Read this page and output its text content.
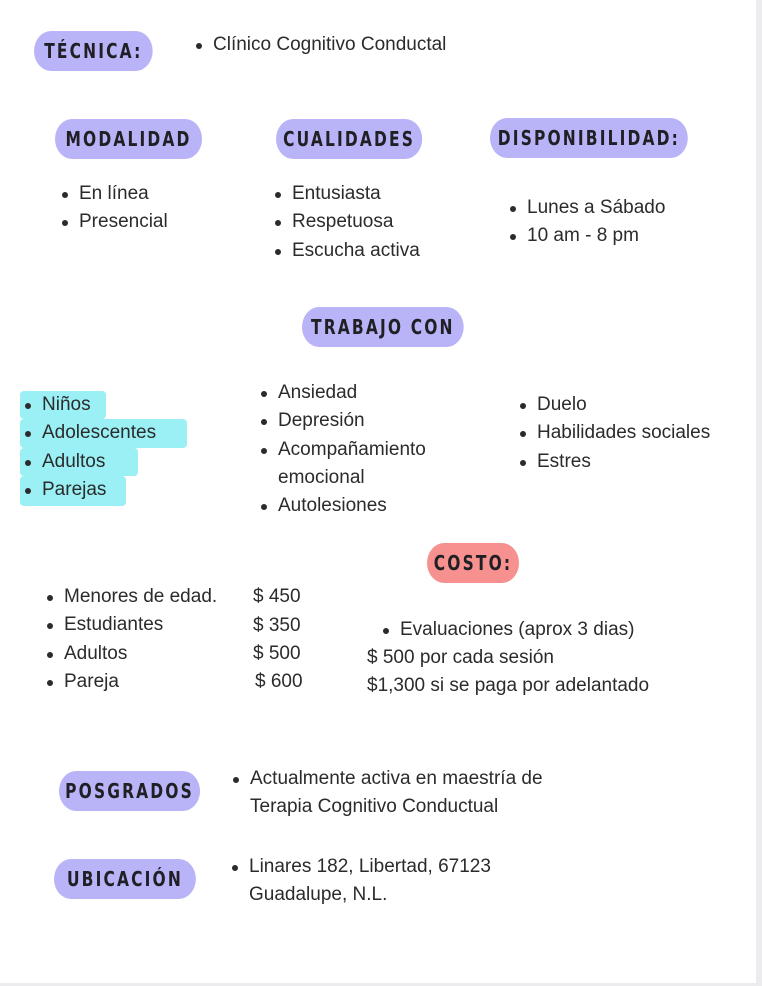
TÉCNICA:	Clínico Cognitivo Conductal
MODALIDAD
En línea
Presencial
CUALIDADES
Entusiasta
Respetuosa
Escucha activa
DISPONIBILIDAD:
Lunes a Sábado
10 am - 8 pm
TRABAJO CON
Niños
Adolescentes
Adultos
Parejas
Ansiedad
Depresión
Acompañamiento
emocional
Autolesiones
Duelo
Habilidades sociales
Estres
COSTO:
Menores de edad.
Estudiantes
Adultos
Pareja
$ 450
$ 350
$ 500
$ 600
Evaluaciones (aprox 3 dias)
$ 500 por cada sesión
$1,300 si se paga por adelantado
POSGRADOS
Actualmente activa en maestría de
Terapia Cognitivo Conductual
UBICACIÓN
Linares 182, Libertad, 67123
Guadalupe, N.L.
